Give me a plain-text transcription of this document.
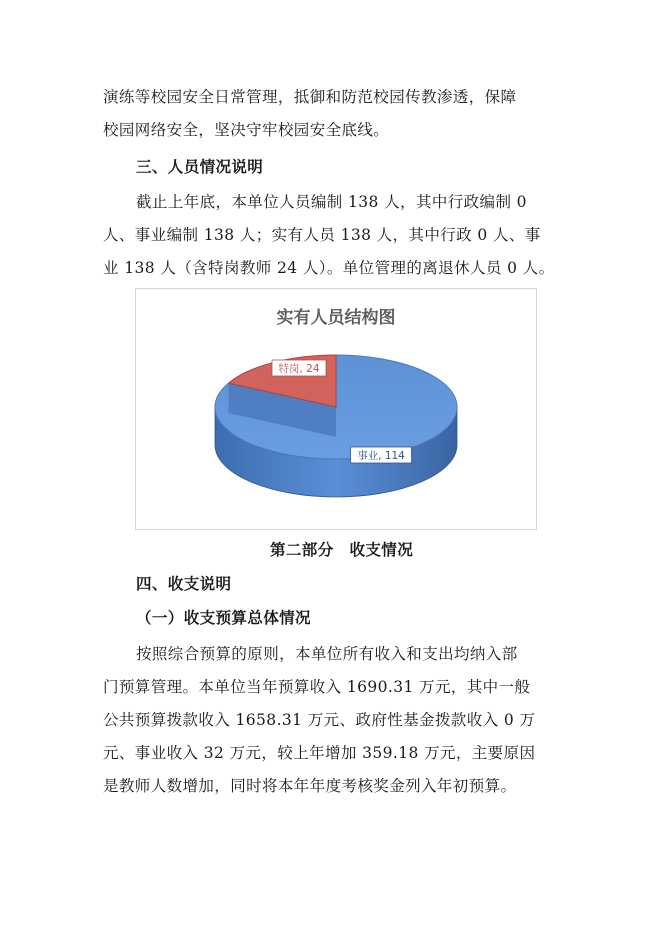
演练等校园安全日常管理，抵御和防范校园传教渗透，保障
校园网络安全，坚决守牢校园安全底线。
三、人员情况说明
截止上年底，本单位人员编制 138 人，其中行政编制 0
人、事业编制 138 人；实有人员 138 人，其中行政 0 人、事
业 138 人（含特岗教师 24 人）。单位管理的离退休人员 0 人。
实有人员结构图
特岗, 24
事业, 114
第二部分　收支情况
四、收支说明
（一）收支预算总体情况
按照综合预算的原则，本单位所有收入和支出均纳入部
门预算管理。本单位当年预算收入 1690.31 万元，其中一般
公共预算拨款收入 1658.31 万元、政府性基金拨款收入 0 万
元、事业收入 32 万元，较上年增加 359.18 万元，主要原因
是教师人数增加，同时将本年年度考核奖金列入年初预算。
